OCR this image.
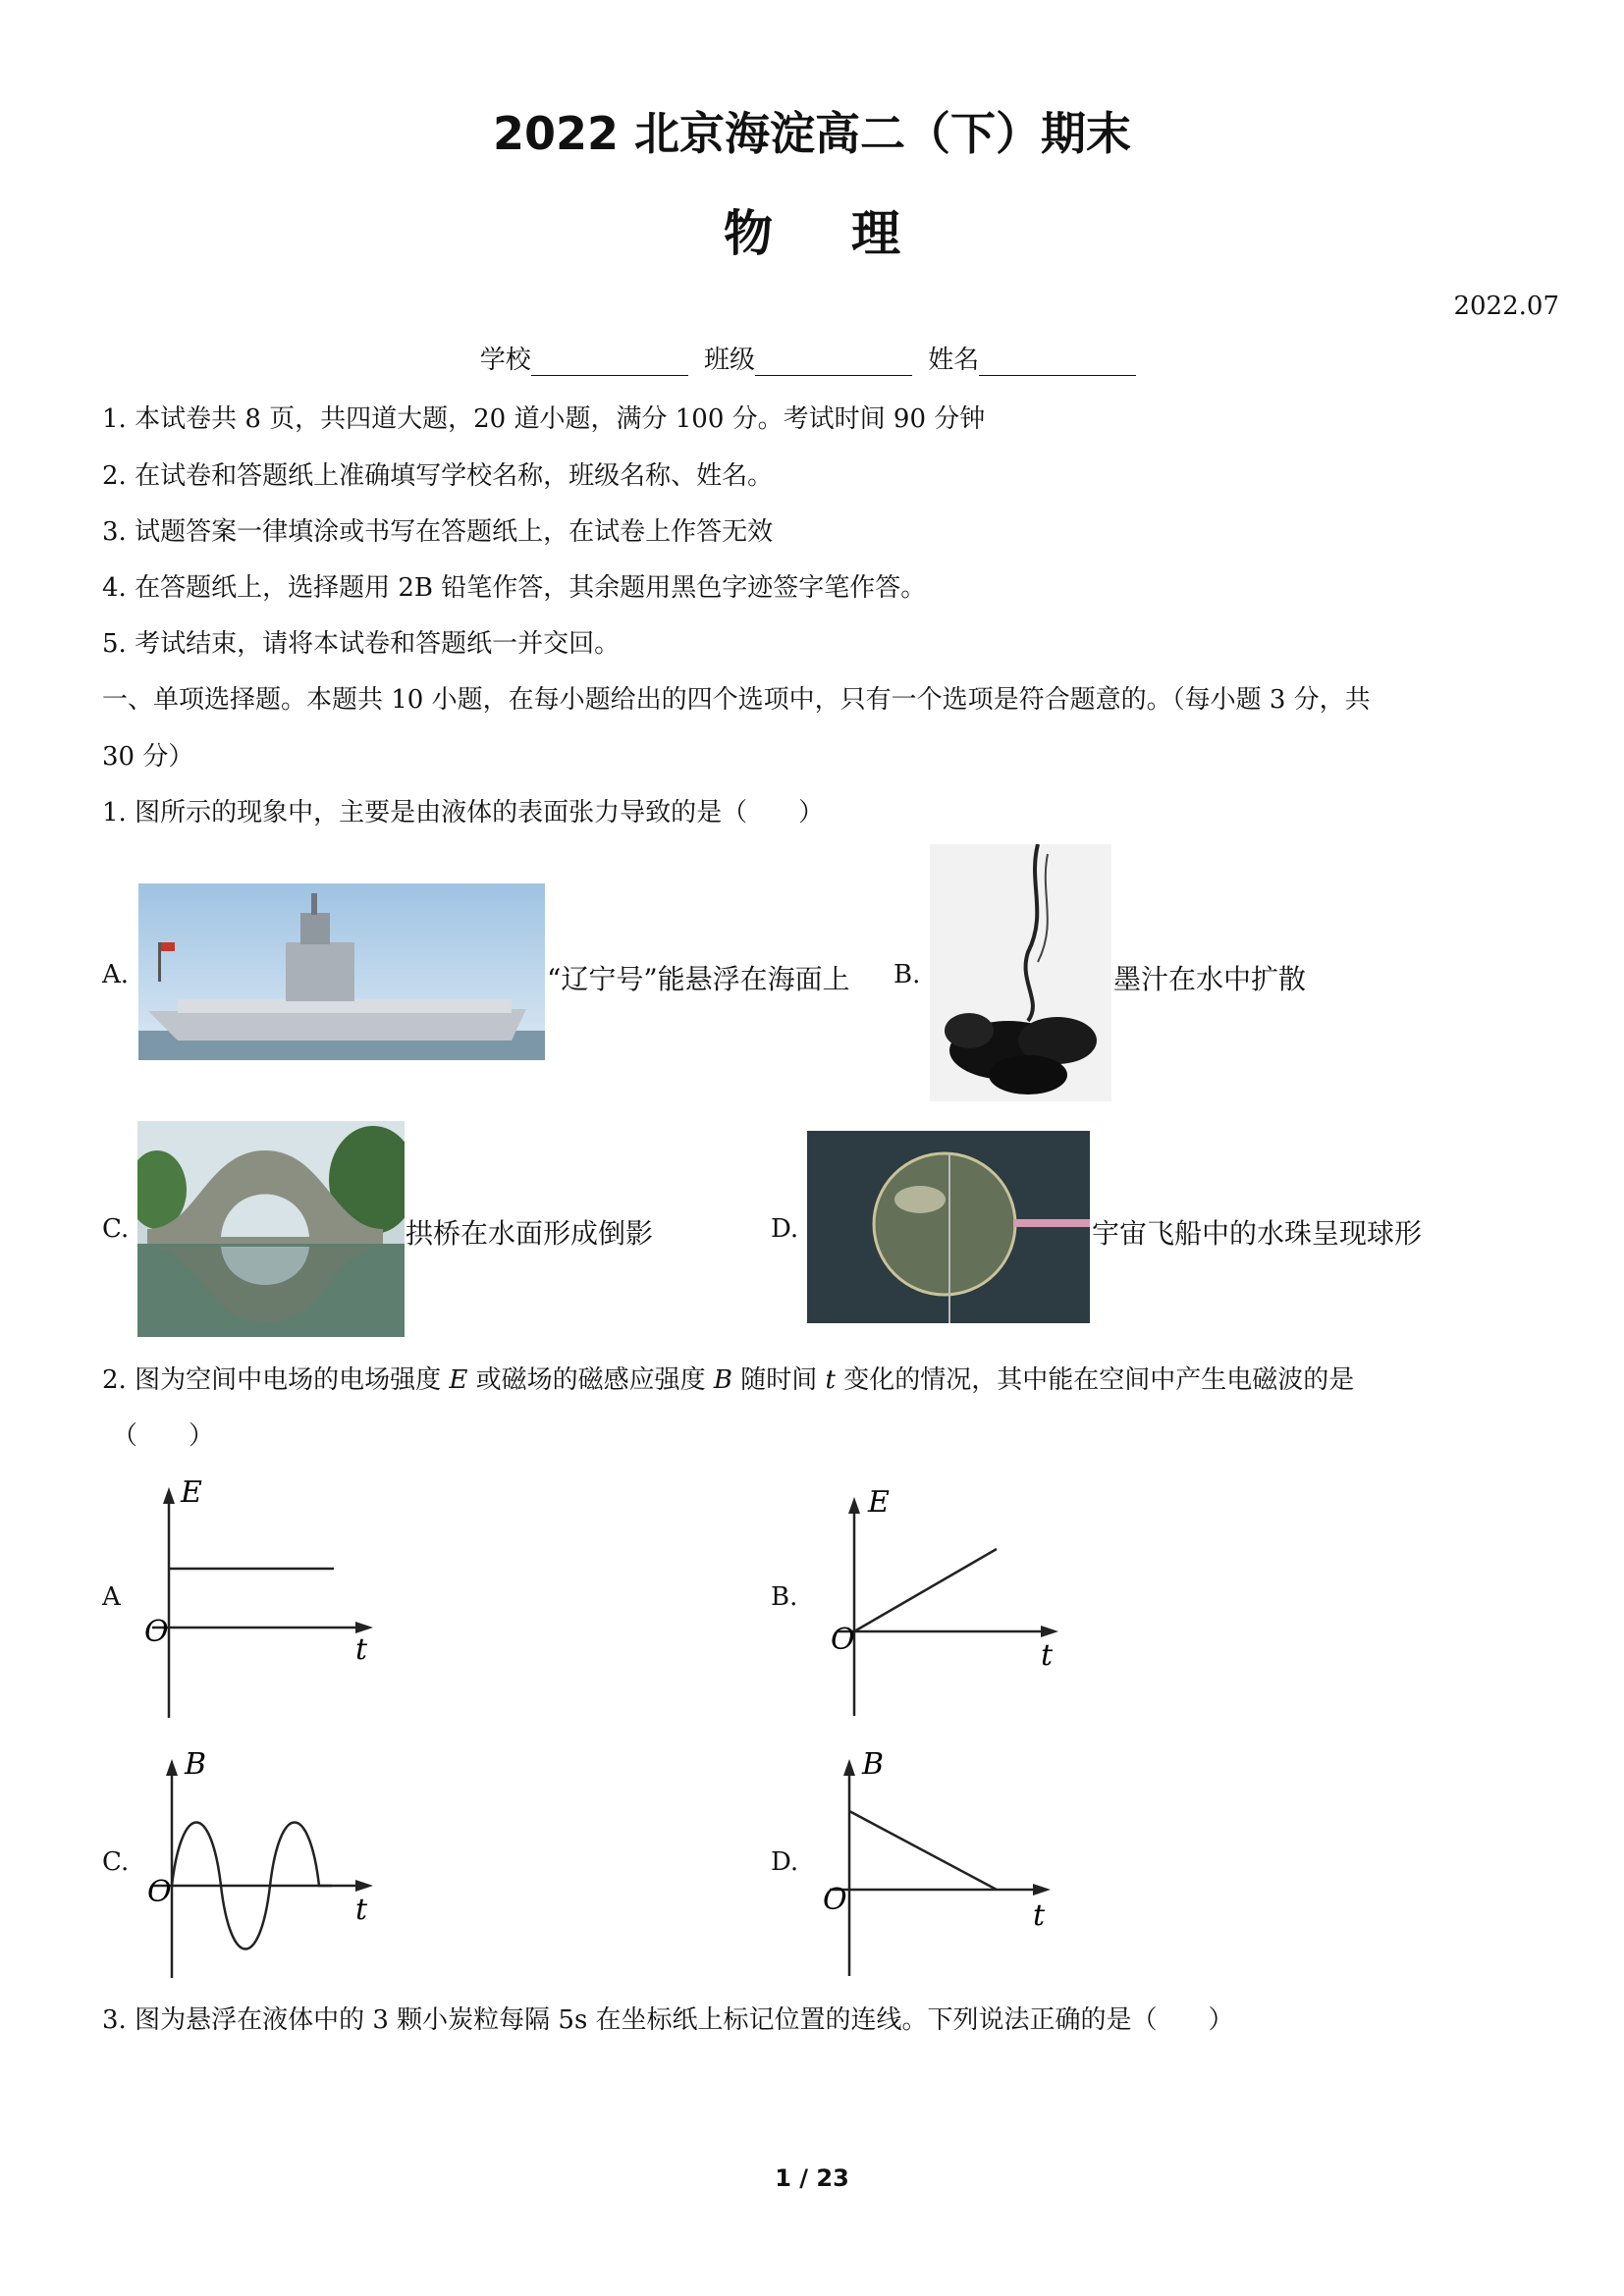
2022 北京海淀高二（下）期末
物理
2022.07
学校	班级	姓名
1. 本试卷共 8 页，共四道大题，20 道小题，满分 100 分。考试时间 90 分钟
2. 在试卷和答题纸上准确填写学校名称，班级名称、姓名。
3. 试题答案一律填涂或书写在答题纸上，在试卷上作答无效
4. 在答题纸上，选择题用 2B 铅笔作答，其余题用黑色字迹签字笔作答。
5. 考试结束，请将本试卷和答题纸一并交回。
一、单项选择题。本题共 10 小题，在每小题给出的四个选项中，只有一个选项是符合题意的。（每小题 3 分，共
30 分）
1. 图所示的现象中，主要是由液体的表面张力导致的是（　　）
A.	“辽宁号”能悬浮在海面上 B.	墨汁在水中扩散
C.	拱桥在水面形成倒影	D.	宇宙飞船中的水珠呈现球形
2. 图为空间中电场的电场强度 E 或磁场的磁感应强度 B 随时间 t 变化的情况，其中能在空间中产生电磁波的是
（　　）
A
E
O
t
B.
E
O	t
C.
B
O
t
D.
B
O	t
3. 图为悬浮在液体中的 3 颗小炭粒每隔 5s 在坐标纸上标记位置的连线。下列说法正确的是（　　）
1 / 23
